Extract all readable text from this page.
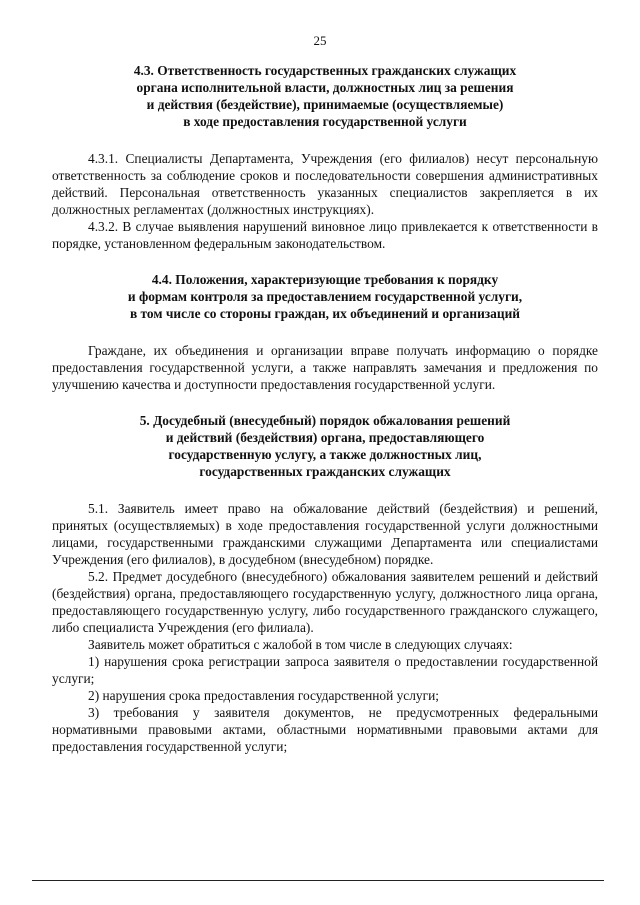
25
4.3. Ответственность государственных гражданских служащих
органа исполнительной власти, должностных лиц за решения
и действия (бездействие), принимаемые (осуществляемые)
в ходе предоставления государственной услуги

4.3.1. Специалисты Департамента, Учреждения (его филиалов) несут персональную ответственность за соблюдение сроков и последовательности совершения административных действий. Персональная ответственность указанных специалистов закрепляется в их должностных регламентах (должностных инструкциях).

4.3.2. В случае выявления нарушений виновное лицо привлекается к ответственности в порядке, установленном федеральным законодательством.

4.4. Положения, характеризующие требования к порядку
и формам контроля за предоставлением государственной услуги,
в том числе со стороны граждан, их объединений и организаций

Граждане, их объединения и организации вправе получать информацию о порядке предоставления государственной услуги, а также направлять замечания и предложения по улучшению качества и доступности предоставления государственной услуги.

5. Досудебный (внесудебный) порядок обжалования решений
и действий (бездействия) органа, предоставляющего
государственную услугу, а также должностных лиц,
государственных гражданских служащих

5.1. Заявитель имеет право на обжалование действий (бездействия) и решений, принятых (осуществляемых) в ходе предоставления государственной услуги должностными лицами, государственными гражданскими служащими Департамента или специалистами Учреждения (его филиалов), в досудебном (внесудебном) порядке.

5.2. Предмет досудебного (внесудебного) обжалования заявителем решений и действий (бездействия) органа, предоставляющего государственную услугу, должностного лица органа, предоставляющего государственную услугу, либо государственного гражданского служащего, либо специалиста Учреждения (его филиала).

Заявитель может обратиться с жалобой в том числе в следующих случаях:

1) нарушения срока регистрации запроса заявителя о предоставлении государственной услуги;

2) нарушения срока предоставления государственной услуги;

3) требования у заявителя документов, не предусмотренных федеральными нормативными правовыми актами, областными нормативными правовыми актами для предоставления государственной услуги;
